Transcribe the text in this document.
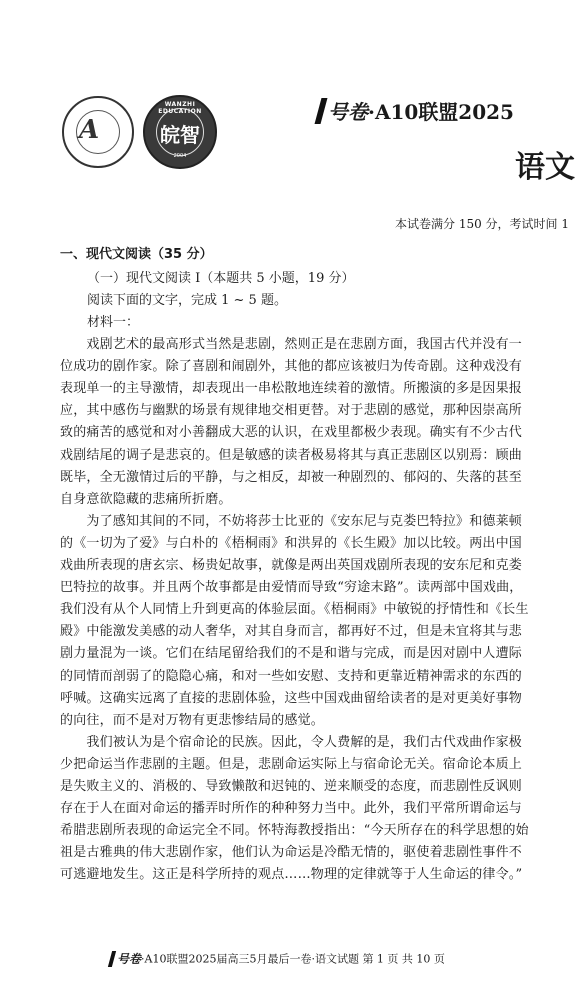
A
WANZHI EDUCATION
皖智
2004
号卷·A10联盟2025
语文
本试卷满分 150 分，考试时间 1
一、现代文阅读（35 分）
（一）现代文阅读 Ⅰ（本题共 5 小题，19 分）
阅读下面的文字，完成 1 ~ 5 题。
材料一：
　　戏剧艺术的最高形式当然是悲剧，然则正是在悲剧方面，我国古代并没有一
位成功的剧作家。除了喜剧和闹剧外，其他的都应该被归为传奇剧。这种戏没有
表现单一的主导激情，却表现出一串松散地连续着的激情。所搬演的多是因果报
应，其中感伤与幽默的场景有规律地交相更替。对于悲剧的感觉，那种因崇高所
致的痛苦的感觉和对小善翻成大恶的认识，在戏里都极少表现。确实有不少古代
戏剧结尾的调子是悲哀的。但是敏感的读者极易将其与真正悲剧区以别焉：顾曲
既毕，全无激情过后的平静，与之相反，却被一种剧烈的、郁闷的、失落的甚至
自身意欲隐藏的悲痛所折磨。
　　为了感知其间的不同，不妨将莎士比亚的《安东尼与克娄巴特拉》和德莱顿
的《一切为了爱》与白朴的《梧桐雨》和洪昇的《长生殿》加以比较。两出中国
戏曲所表现的唐玄宗、杨贵妃故事，就像是两出英国戏剧所表现的安东尼和克娄
巴特拉的故事。并且两个故事都是由爱情而导致“穷途末路”。读两部中国戏曲，
我们没有从个人同情上升到更高的体验层面。《梧桐雨》中敏锐的抒情性和《长生
殿》中能激发美感的动人奢华，对其自身而言，都再好不过，但是未宜将其与悲
剧力量混为一谈。它们在结尾留给我们的不是和谐与完成，而是因对剧中人遭际
的同情而剖弱了的隐隐心痛，和对一些如安慰、支持和更靠近精神需求的东西的
呼喊。这确实远离了直接的悲剧体验，这些中国戏曲留给读者的是对更美好事物
的向往，而不是对万物有更悲惨结局的感觉。
　　我们被认为是个宿命论的民族。因此，令人费解的是，我们古代戏曲作家极
少把命运当作悲剧的主题。但是，悲剧命运实际上与宿命论无关。宿命论本质上
是失败主义的、消极的、导致懒散和迟钝的、逆来顺受的态度，而悲剧性反讽则
存在于人在面对命运的播弄时所作的种种努力当中。此外，我们平常所谓命运与
希腊悲剧所表现的命运完全不同。怀特海教授指出：“今天所存在的科学思想的始
祖是古雅典的伟大悲剧作家，他们认为命运是冷酷无情的，驱使着悲剧性事件不
可逃避地发生。这正是科学所持的观点……物理的定律就等于人生命运的律令。”
号卷·A10联盟2025届高三5月最后一卷·语文试题 第 1 页 共 10 页
